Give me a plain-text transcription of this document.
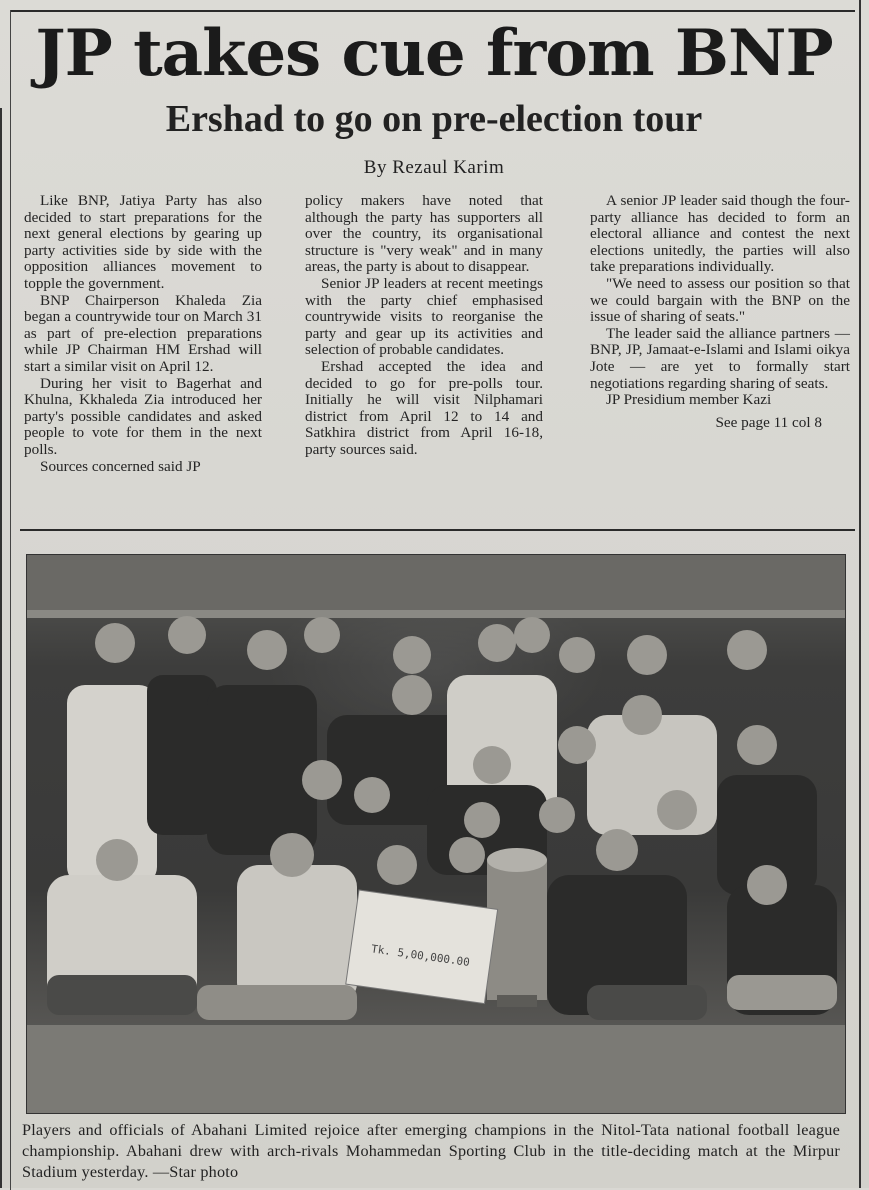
JP takes cue from BNP
Ershad to go on pre-election tour
By Rezaul Karim

Like BNP, Jatiya Party has also decided to start preparations for the next general elections by gearing up party activities side by side with the opposition alliances movement to topple the government.

BNP Chairperson Khaleda Zia began a countrywide tour on March 31 as part of pre-election preparations while JP Chairman HM Ershad will start a similar visit on April 12.

During her visit to Bagerhat and Khulna, Kkhaleda Zia introduced her party's possible candidates and asked people to vote for them in the next polls.

Sources concerned said JP

policy makers have noted that although the party has supporters all over the country, its organisational structure is "very weak" and in many areas, the party is about to disappear.

Senior JP leaders at recent meetings with the party chief emphasised countrywide visits to reorganise the party and gear up its activities and selection of probable candidates.

Ershad accepted the idea and decided to go for pre-polls tour. Initially he will visit Nilphamari district from April 12 to 14 and Satkhira district from April 16-18, party sources said.

A senior JP leader said though the four-party alliance has decided to form an electoral alliance and contest the next elections unitedly, the parties will also take preparations individually.

"We need to assess our position so that we could bargain with the BNP on the issue of sharing of seats."

The leader said the alliance partners — BNP, JP, Jamaat-e-Islami and Islami oikya Jote — are yet to formally start negotiations regarding sharing of seats.

JP Presidium member Kazi

See page 11 col 8

Tk. 5,00,000.00

Players and officials of Abahani Limited rejoice after emerging champions in the Nitol-Tata national football league championship. Abahani drew with arch-rivals Mohammedan Sporting Club in the title-deciding match at the Mirpur Stadium yesterday. —Star photo
